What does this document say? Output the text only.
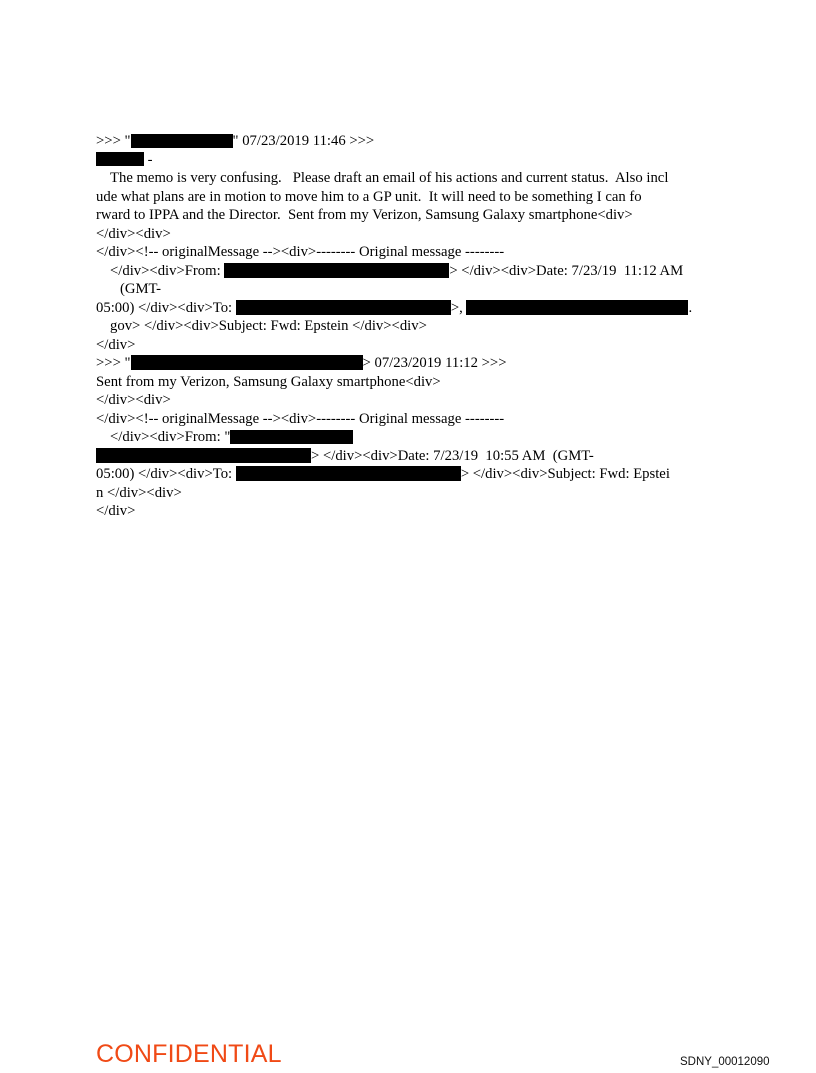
>>> "	" 07/23/2019 11:46 >>>
-
The memo is very confusing.   Please draft an email of his actions and current status.  Also incl
ude what plans are in motion to move him to a GP unit.  It will need to be something I can fo
rward to IPPA and the Director.  Sent from my Verizon, Samsung Galaxy smartphone<div>
</div><div>
</div><!-- originalMessage --><div>-------- Original message --------
</div><div>From:	> </div><div>Date: 7/23/19  11:12 AM
(GMT-
05:00) </div><div>To:	>,	.
gov> </div><div>Subject: Fwd: Epstein </div><div>
</div>
>>> "	> 07/23/2019 11:12 >>>
Sent from my Verizon, Samsung Galaxy smartphone<div>
</div><div>
</div><!-- originalMessage --><div>-------- Original message --------
</div><div>From: "
> </div><div>Date: 7/23/19  10:55 AM  (GMT-
05:00) </div><div>To:	> </div><div>Subject: Fwd: Epstei
n </div><div>
</div>
CONFIDENTIAL	SDNY_00012090
